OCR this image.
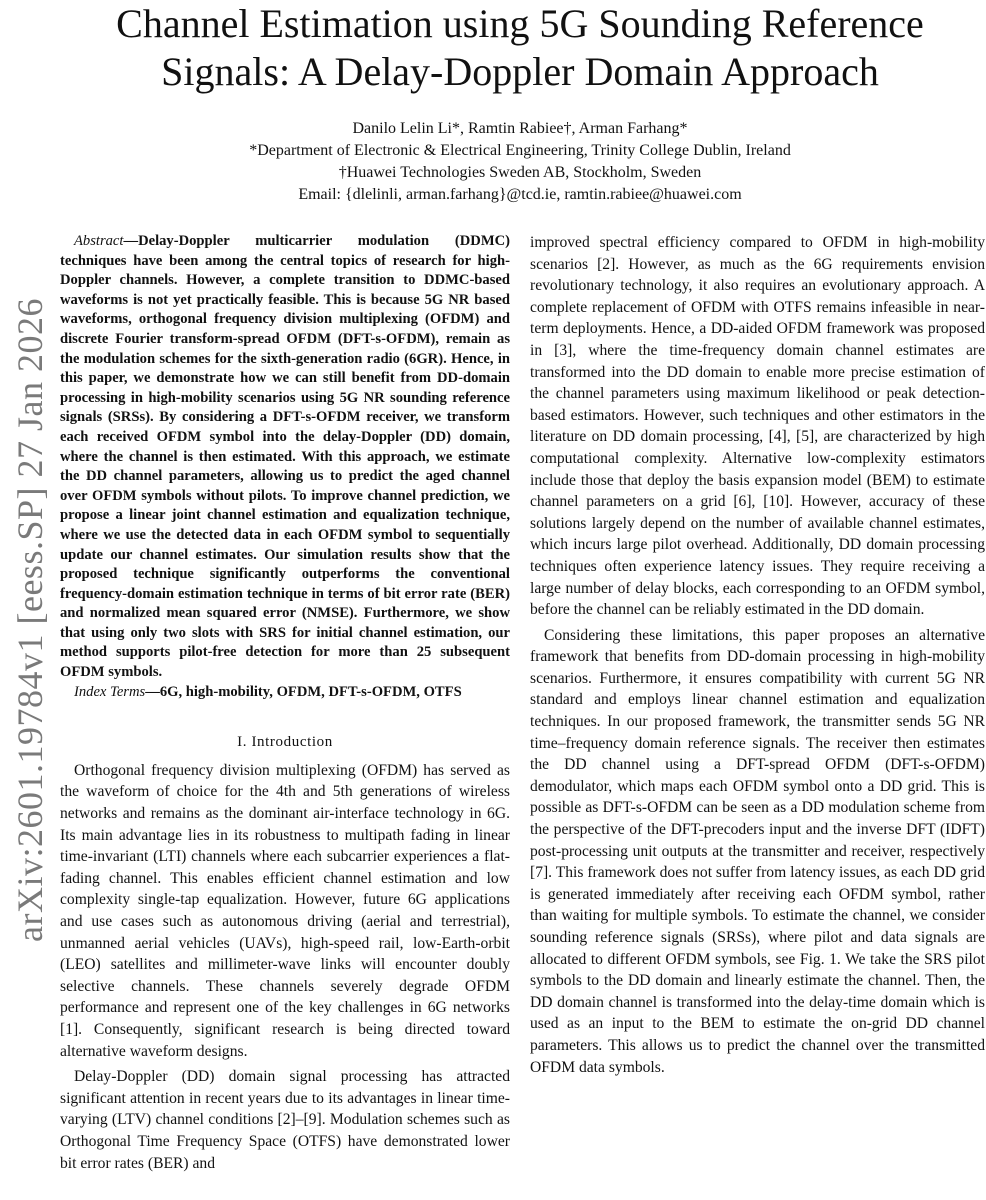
arXiv:2601.19784v1 [eess.SP] 27 Jan 2026
Channel Estimation using 5G Sounding Reference Signals: A Delay-Doppler Domain Approach
Danilo Lelin Li*, Ramtin Rabiee†, Arman Farhang*
*Department of Electronic & Electrical Engineering, Trinity College Dublin, Ireland
†Huawei Technologies Sweden AB, Stockholm, Sweden
Email: {dlelinli, arman.farhang}@tcd.ie, ramtin.rabiee@huawei.com

Abstract—Delay-Doppler multicarrier modulation (DDMC) techniques have been among the central topics of research for high-Doppler channels. However, a complete transition to DDMC-based waveforms is not yet practically feasible. This is because 5G NR based waveforms, orthogonal frequency division multiplexing (OFDM) and discrete Fourier transform-spread OFDM (DFT-s-OFDM), remain as the modulation schemes for the sixth-generation radio (6GR). Hence, in this paper, we demonstrate how we can still benefit from DD-domain processing in high-mobility scenarios using 5G NR sounding reference signals (SRSs). By considering a DFT-s-OFDM receiver, we transform each received OFDM symbol into the delay-Doppler (DD) domain, where the channel is then estimated. With this approach, we estimate the DD channel parameters, allowing us to predict the aged channel over OFDM symbols without pilots. To improve channel prediction, we propose a linear joint channel estimation and equalization technique, where we use the detected data in each OFDM symbol to sequentially update our channel estimates. Our simulation results show that the proposed technique significantly outperforms the conventional frequency-domain estimation technique in terms of bit error rate (BER) and normalized mean squared error (NMSE). Furthermore, we show that using only two slots with SRS for initial channel estimation, our method supports pilot-free detection for more than 25 subsequent OFDM symbols.

Index Terms—6G, high-mobility, OFDM, DFT-s-OFDM, OTFS

I. Introduction

Orthogonal frequency division multiplexing (OFDM) has served as the waveform of choice for the 4th and 5th generations of wireless networks and remains as the dominant air-interface technology in 6G. Its main advantage lies in its robustness to multipath fading in linear time-invariant (LTI) channels where each subcarrier experiences a flat-fading channel. This enables efficient channel estimation and low complexity single-tap equalization. However, future 6G applications and use cases such as autonomous driving (aerial and terrestrial), unmanned aerial vehicles (UAVs), high-speed rail, low-Earth-orbit (LEO) satellites and millimeter-wave links will encounter doubly selective channels. These channels severely degrade OFDM performance and represent one of the key challenges in 6G networks [1]. Consequently, significant research is being directed toward alternative waveform designs.

Delay-Doppler (DD) domain signal processing has attracted significant attention in recent years due to its advantages in linear time-varying (LTV) channel conditions [2]–[9]. Modulation schemes such as Orthogonal Time Frequency Space (OTFS) have demonstrated lower bit error rates (BER) and

improved spectral efficiency compared to OFDM in high-mobility scenarios [2]. However, as much as the 6G requirements envision revolutionary technology, it also requires an evolutionary approach. A complete replacement of OFDM with OTFS remains infeasible in near-term deployments. Hence, a DD-aided OFDM framework was proposed in [3], where the time-frequency domain channel estimates are transformed into the DD domain to enable more precise estimation of the channel parameters using maximum likelihood or peak detection-based estimators. However, such techniques and other estimators in the literature on DD domain processing, [4], [5], are characterized by high computational complexity. Alternative low-complexity estimators include those that deploy the basis expansion model (BEM) to estimate channel parameters on a grid [6], [10]. However, accuracy of these solutions largely depend on the number of available channel estimates, which incurs large pilot overhead. Additionally, DD domain processing techniques often experience latency issues. They require receiving a large number of delay blocks, each corresponding to an OFDM symbol, before the channel can be reliably estimated in the DD domain.

Considering these limitations, this paper proposes an alternative framework that benefits from DD-domain processing in high-mobility scenarios. Furthermore, it ensures compatibility with current 5G NR standard and employs linear channel estimation and equalization techniques. In our proposed framework, the transmitter sends 5G NR time–frequency domain reference signals. The receiver then estimates the DD channel using a DFT-spread OFDM (DFT-s-OFDM) demodulator, which maps each OFDM symbol onto a DD grid. This is possible as DFT-s-OFDM can be seen as a DD modulation scheme from the perspective of the DFT-precoders input and the inverse DFT (IDFT) post-processing unit outputs at the transmitter and receiver, respectively [7]. This framework does not suffer from latency issues, as each DD grid is generated immediately after receiving each OFDM symbol, rather than waiting for multiple symbols. To estimate the channel, we consider sounding reference signals (SRSs), where pilot and data signals are allocated to different OFDM symbols, see Fig. 1. We take the SRS pilot symbols to the DD domain and linearly estimate the channel. Then, the DD domain channel is transformed into the delay-time domain which is used as an input to the BEM to estimate the on-grid DD channel parameters. This allows us to predict the channel over the transmitted OFDM data symbols.
